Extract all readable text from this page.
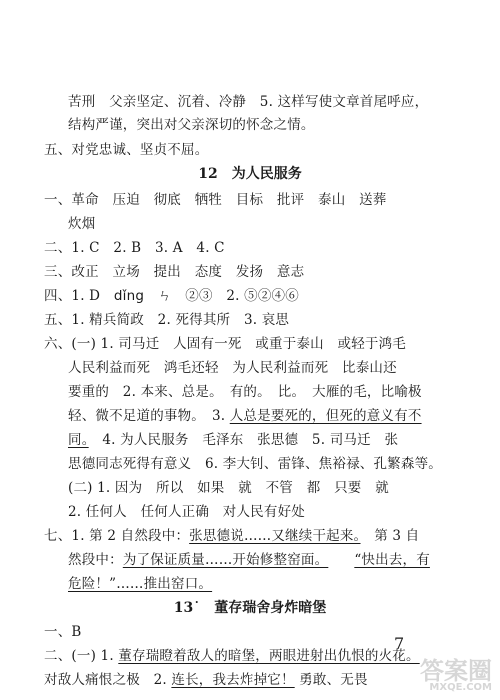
苦刑　父亲坚定、沉着、冷静　5. 这样写使文章首尾呼应，
结构严谨，突出对父亲深切的怀念之情。
五、对党忠诚、坚贞不屈。
12　为人民服务
一、革命　压迫　彻底　牺牲　目标　批评　泰山　送葬
炊烟
二、1. C　2. B　3. A　4. C
三、改正　立场　提出　态度　发扬　意志
四、1. D　dǐng　ㄣ　②③　2. ⑤②④⑥
五、1. 精兵简政　2. 死得其所　3. 哀思
六、(一) 1. 司马迁　人固有一死　或重于泰山　或轻于鸿毛
人民利益而死　鸿毛还轻　为人民利益而死　比泰山还
要重的　2. 本来、总是。　有的。　比。　大雁的毛，比喻极
轻、微不足道的事物。　3. 人总是要死的，但死的意义有不
同。　4. 为人民服务　毛泽东　张思德　5. 司马迁　张
思德同志死得有意义　6. 李大钊、雷锋、焦裕禄、孔繁森等。
(二) 1. 因为　所以　如果　就　不管　都　只要　就
2. 任何人　任何人正确　对人民有好处
七、1. 第 2 自然段中：张思德说……又继续干起来。　第 3 自
然段中：为了保证质量……开始修整窑面。 “快出去，有
危险！”……推出窑口。
13˙　董存瑞舍身炸暗堡
一、B
二、(一) 1. 董存瑞瞪着敌人的暗堡，两眼进射出仇恨的火花。
对敌人痛恨之极　2. 连长，我去炸掉它！ 勇敢、无畏
7
答案圈
MXQE.COM
